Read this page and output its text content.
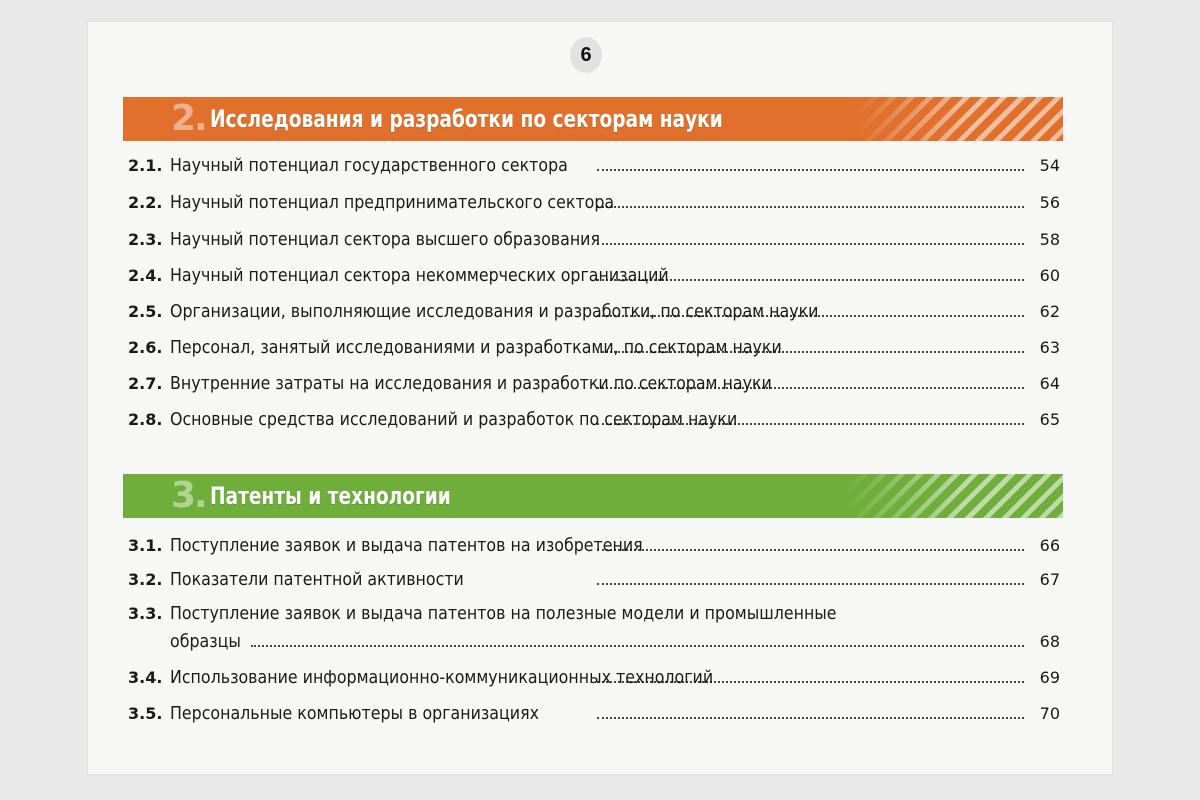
6
2. Исследования и разработки по секторам науки
2.1. Научный потенциал государственного сектора	54
2.2. Научный потенциал предпринимательского сектора	56
2.3. Научный потенциал сектора высшего образования	58
2.4. Научный потенциал сектора некоммерческих организаций	60
2.5. Организации, выполняющие исследования и разработки, по секторам науки	62
2.6. Персонал, занятый исследованиями и разработками, по секторам науки	63
2.7. Внутренние затраты на исследования и разработки по секторам науки	64
2.8. Основные средства исследований и разработок по секторам науки	65
3. Патенты и технологии
3.1. Поступление заявок и выдача патентов на изобретения	66
3.2. Показатели патентной активности	67
3.3. Поступление заявок и выдача патентов на полезные модели и промышленные
образцы	68
3.4. Использование информационно-коммуникационных технологий	69
3.5. Персональные компьютеры в организациях	70
